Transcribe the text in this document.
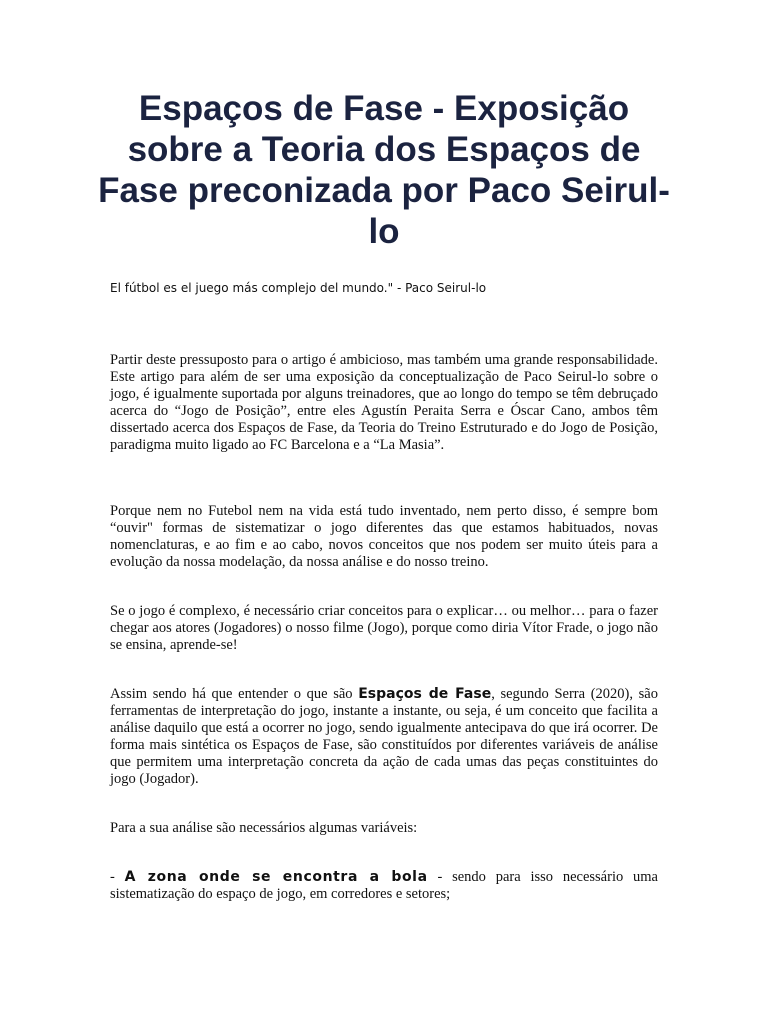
Espaços de Fase - Exposição sobre a Teoria dos Espaços de Fase preconizada por Paco Seirul-lo

El fútbol es el juego más complejo del mundo." - Paco Seirul-lo

Partir deste pressuposto para o artigo é ambicioso, mas também uma grande responsabilidade. Este artigo para além de ser uma exposição da conceptualização de Paco Seirul-lo sobre o jogo, é igualmente suportada por alguns treinadores, que ao longo do tempo se têm debruçado acerca do “Jogo de Posição”, entre eles Agustín Peraita Serra e Óscar Cano, ambos têm dissertado acerca dos Espaços de Fase, da Teoria do Treino Estruturado e do Jogo de Posição, paradigma muito ligado ao FC Barcelona e a “La Masia”.

Porque nem no Futebol nem na vida está tudo inventado, nem perto disso, é sempre bom “ouvir" formas de sistematizar o jogo diferentes das que estamos habituados, novas nomenclaturas, e ao fim e ao cabo, novos conceitos que nos podem ser muito úteis para a evolução da nossa modelação, da nossa análise e do nosso treino.

Se o jogo é complexo, é necessário criar conceitos para o explicar… ou melhor… para o fazer chegar aos atores (Jogadores) o nosso filme (Jogo), porque como diria Vítor Frade, o jogo não se ensina, aprende-se!

Assim sendo há que entender o que são Espaços de Fase, segundo Serra (2020), são ferramentas de interpretação do jogo, instante a instante, ou seja, é um conceito que facilita a análise daquilo que está a ocorrer no jogo, sendo igualmente antecipava do que irá ocorrer. De forma mais sintética os Espaços de Fase, são constituídos por diferentes variáveis de análise que permitem uma interpretação concreta da ação de cada umas das peças constituintes do jogo (Jogador).

Para a sua análise são necessários algumas variáveis:

- A zona onde se encontra a bola - sendo para isso necessário uma sistematização do espaço de jogo, em corredores e setores;
